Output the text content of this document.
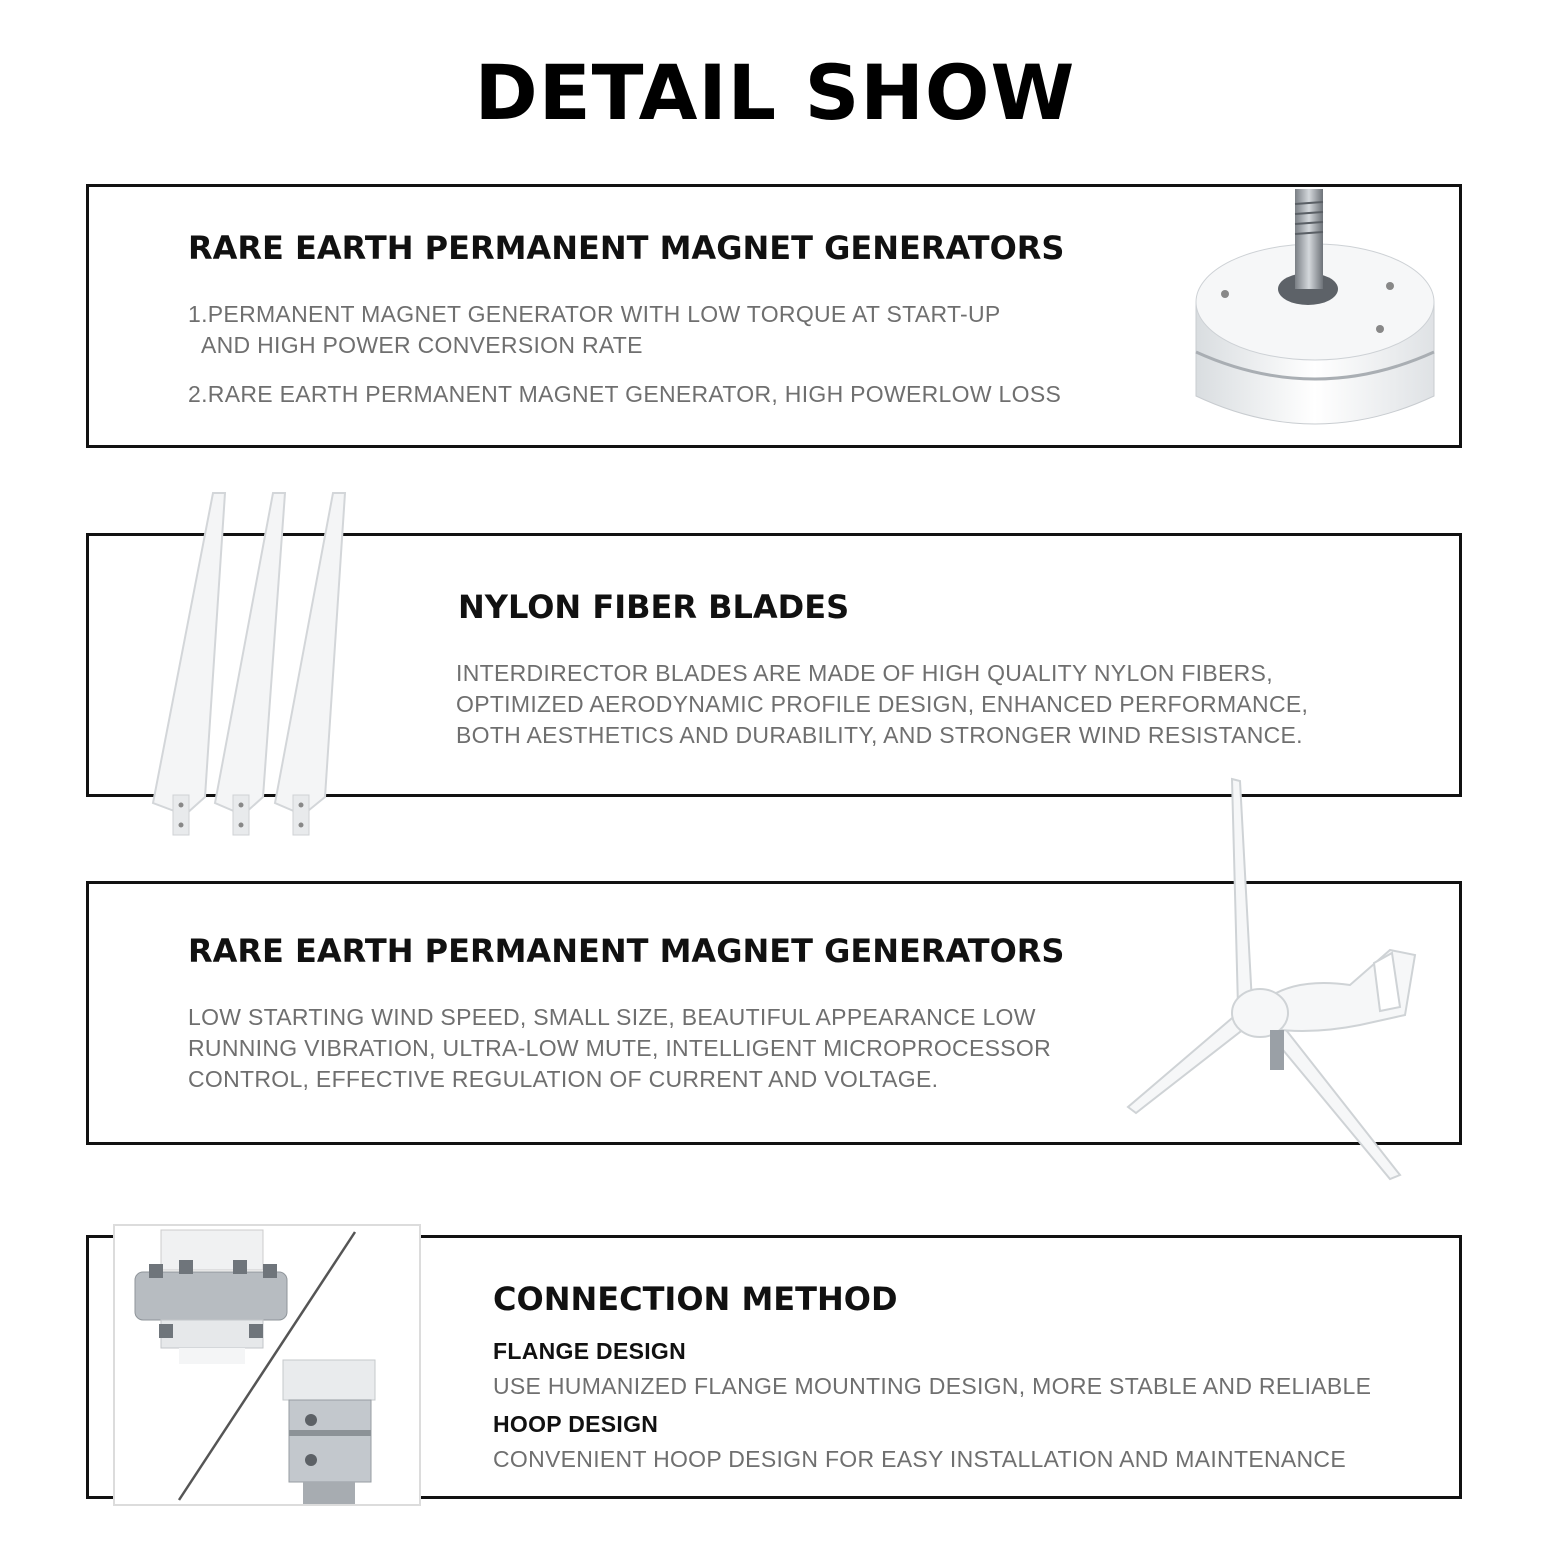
DETAIL SHOW
RARE EARTH PERMANENT MAGNET GENERATORS
1.PERMANENT MAGNET GENERATOR WITH LOW TORQUE AT START-UP
AND HIGH POWER CONVERSION RATE
2.RARE EARTH PERMANENT MAGNET GENERATOR, HIGH POWERLOW LOSS
NYLON FIBER BLADES
INTERDIRECTOR BLADES ARE MADE OF HIGH QUALITY NYLON FIBERS,
OPTIMIZED AERODYNAMIC PROFILE DESIGN, ENHANCED PERFORMANCE,
BOTH AESTHETICS AND DURABILITY, AND STRONGER WIND RESISTANCE.
RARE EARTH PERMANENT MAGNET GENERATORS
LOW STARTING WIND SPEED, SMALL SIZE, BEAUTIFUL APPEARANCE LOW
RUNNING VIBRATION, ULTRA-LOW MUTE, INTELLIGENT MICROPROCESSOR
CONTROL, EFFECTIVE REGULATION OF CURRENT AND VOLTAGE.
CONNECTION METHOD
FLANGE DESIGN
USE HUMANIZED FLANGE MOUNTING DESIGN, MORE STABLE AND RELIABLE
HOOP DESIGN
CONVENIENT HOOP DESIGN FOR EASY INSTALLATION AND MAINTENANCE
